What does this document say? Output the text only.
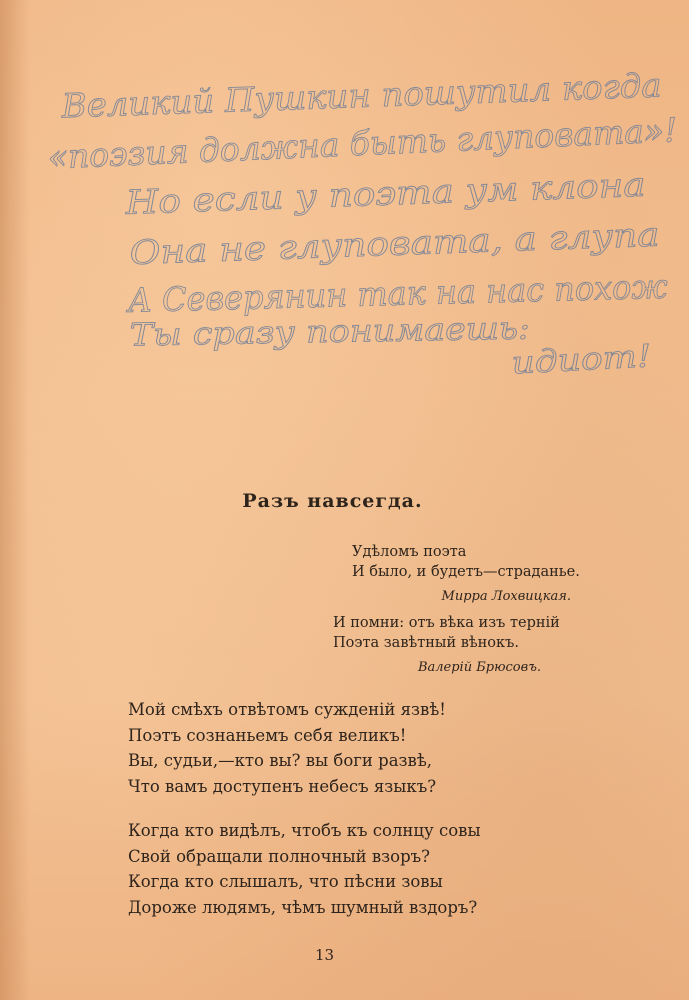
Великий Пушкин пошутил когда
«поэзия должна быть глуповата»!
Но если у поэта ум клона
Она не глуповата, а глупа
А Северянин так на нас похож
Ты сразу понимаешь:
идиот!
Разъ навсегда.
Удѣломъ поэта
И было, и будетъ—страданье.
Мирра Лохвицкая.
И помни: отъ вѣка изъ терній
Поэта завѣтный вѣнокъ.
Валерій Брюсовъ.
Мой смѣхъ отвѣтомъ сужденій язвѣ!
Поэтъ сознаньемъ себя великъ!
Вы, судьи,—кто вы? вы боги развѣ,
Что вамъ доступенъ небесъ языкъ?
Когда кто видѣлъ, чтобъ къ солнцу совы
Свой обращали полночный взоръ?
Когда кто слышалъ, что пѣсни зовы
Дороже людямъ, чѣмъ шумный вздоръ?
13
